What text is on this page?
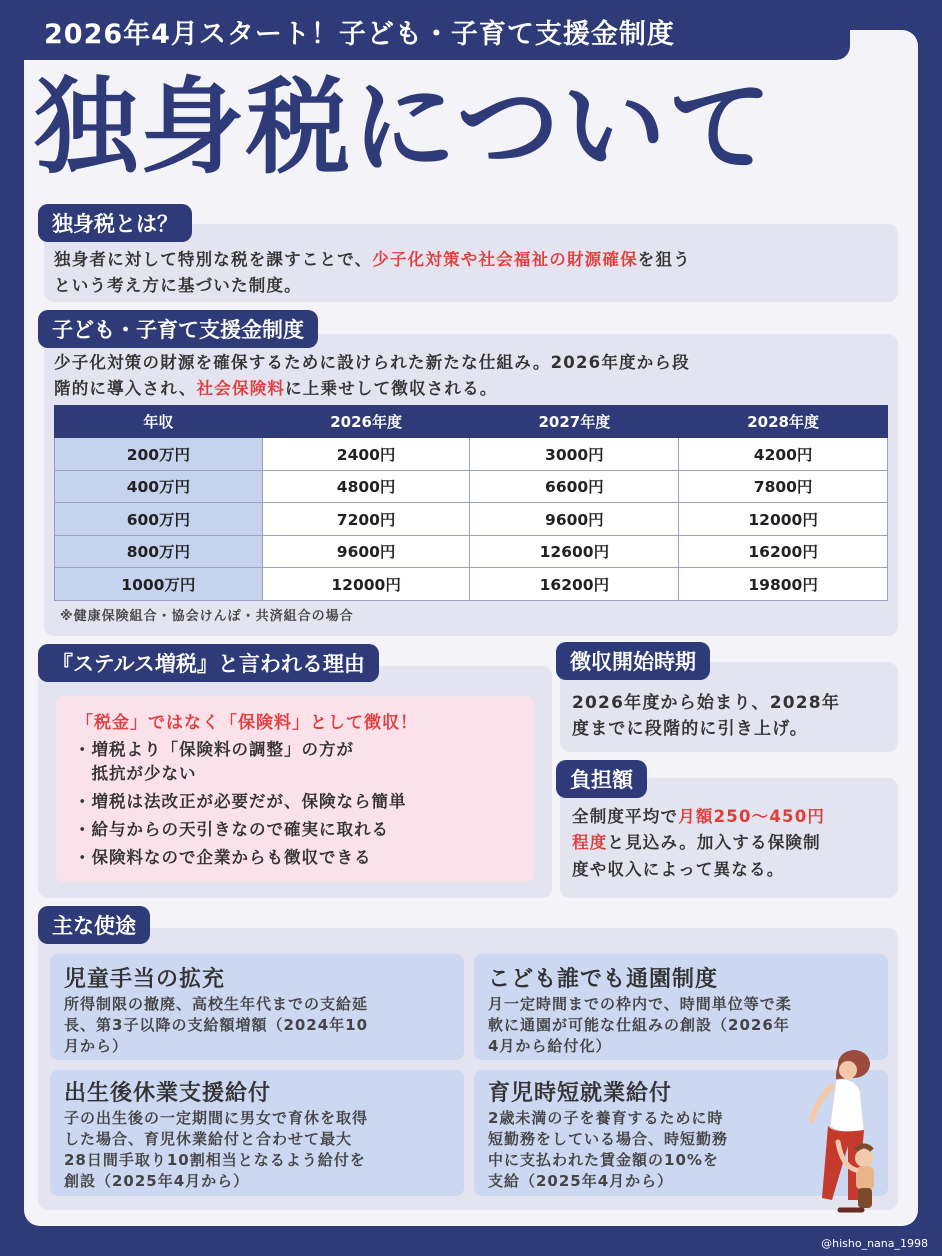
2026年4月スタート！子ども・子育て支援金制度
独身税について
独身税とは？
独身者に対して特別な税を課すことで、少子化対策や社会福祉の財源確保を狙う
という考え方に基づいた制度。
子ども・子育て支援金制度
少子化対策の財源を確保するために設けられた新たな仕組み。2026年度から段
階的に導入され、社会保険料に上乗せして徴収される。
年収	2026年度	2027年度	2028年度
200万円	2400円	3000円	4200円
400万円	4800円	6600円	7800円
600万円	7200円	9600円	12000円
800万円	9600円	12600円	16200円
1000万円	12000円	16200円	19800円
※健康保険組合・協会けんぽ・共済組合の場合
『ステルス増税』と言われる理由
「税金」ではなく「保険料」として徴収！
・増税より「保険料の調整」の方が
　抵抗が少ない
・増税は法改正が必要だが、保険なら簡単
・給与からの天引きなので確実に取れる
・保険料なので企業からも徴収できる
徴収開始時期
2026年度から始まり、2028年
度までに段階的に引き上げ。
負担額
全制度平均で月額250〜450円
程度と見込み。加入する保険制
度や収入によって異なる。
主な使途
児童手当の拡充
所得制限の撤廃、高校生年代までの支給延
長、第3子以降の支給額増額（2024年10
月から）
こども誰でも通園制度
月一定時間までの枠内で、時間単位等で柔
軟に通園が可能な仕組みの創設（2026年
4月から給付化）
出生後休業支援給付
子の出生後の一定期間に男女で育休を取得
した場合、育児休業給付と合わせて最大
28日間手取り10割相当となるよう給付を
創設（2025年4月から）
育児時短就業給付
2歳未満の子を養育するために時
短勤務をしている場合、時短勤務
中に支払われた賃金額の10%を
支給（2025年4月から）
@hisho_nana_1998
